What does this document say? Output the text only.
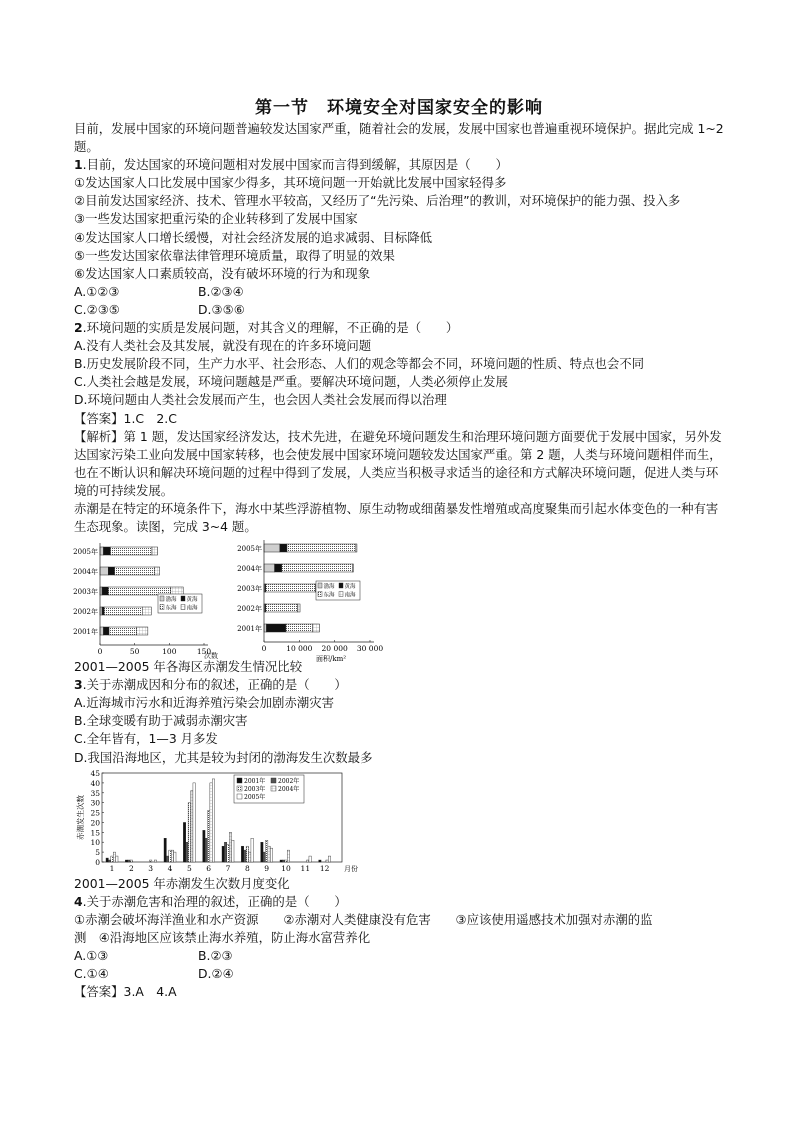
第一节　环境安全对国家安全的影响

目前，发展中国家的环境问题普遍较发达国家严重，随着社会的发展，发展中国家也普遍重视环境保护。据此完成 1~2 题。

1.目前，发达国家的环境问题相对发展中国家而言得到缓解，其原因是（　　）

①发达国家人口比发展中国家少得多，其环境问题一开始就比发展中国家轻得多

②目前发达国家经济、技术、管理水平较高，又经历了“先污染、后治理”的教训，对环境保护的能力强、投入多

③一些发达国家把重污染的企业转移到了发展中国家

④发达国家人口增长缓慢，对社会经济发展的追求减弱、目标降低

⑤一些发达国家依靠法律管理环境质量，取得了明显的效果

⑥发达国家人口素质较高，没有破坏环境的行为和现象

A.①②③	B.②③④
C.②③⑤	D.③⑤⑥

2.环境问题的实质是发展问题，对其含义的理解，不正确的是（　　）

A.没有人类社会及其发展，就没有现在的许多环境问题

B.历史发展阶段不同，生产力水平、社会形态、人们的观念等都会不同，环境问题的性质、特点也会不同

C.人类社会越是发展，环境问题越是严重。要解决环境问题，人类必须停止发展

D.环境问题由人类社会发展而产生，也会因人类社会发展而得以治理

【答案】1.C　2.C

【解析】第 1 题，发达国家经济发达，技术先进，在避免环境问题发生和治理环境问题方面要优于发展中国家，另外发达国家污染工业向发展中国家转移，也会使发展中国家环境问题较发达国家严重。第 2 题，人类与环境问题相伴而生，也在不断认识和解决环境问题的过程中得到了发展，人类应当积极寻求适当的途径和方式解决环境问题，促进人类与环境的可持续发展。

赤潮是在特定的环境条件下，海水中某些浮游植物、原生动物或细菌暴发性增殖或高度聚集而引起水体变色的一种有害生态现象。读图，完成 3~4 题。

2005年
2004年
2003年
2002年
2001年
0	50	100	150
次数
渤海 黄海
东海 南海
2005年
2004年
2003年
2002年
2001年
0	10 000 20 000 30 000
面积/km²
渤海 黄海
东海 南海
2001—2005 年各海区赤潮发生情况比较

3.关于赤潮成因和分布的叙述，正确的是（　　）

A.近海城市污水和近海养殖污染会加剧赤潮灾害

B.全球变暖有助于减弱赤潮灾害

C.全年皆有，1—3 月多发

D.我国沿海地区，尤其是较为封闭的渤海发生次数最多

0
5
10
15
20
25
30
35
40
45
1 2 3 4 5 6 7 8 9 10 11 12 月份
赤潮发生次数
2001年 2002年
2003年 2004年
2005年
2001—2005 年赤潮发生次数月度变化

4.关于赤潮危害和治理的叙述，正确的是（　　）

①赤潮会破坏海洋渔业和水产资源　　②赤潮对人类健康没有危害　　③应该使用遥感技术加强对赤潮的监

测　④沿海地区应该禁止海水养殖，防止海水富营养化

A.①③	B.②③
C.①④	D.②④

【答案】3.A　4.A
